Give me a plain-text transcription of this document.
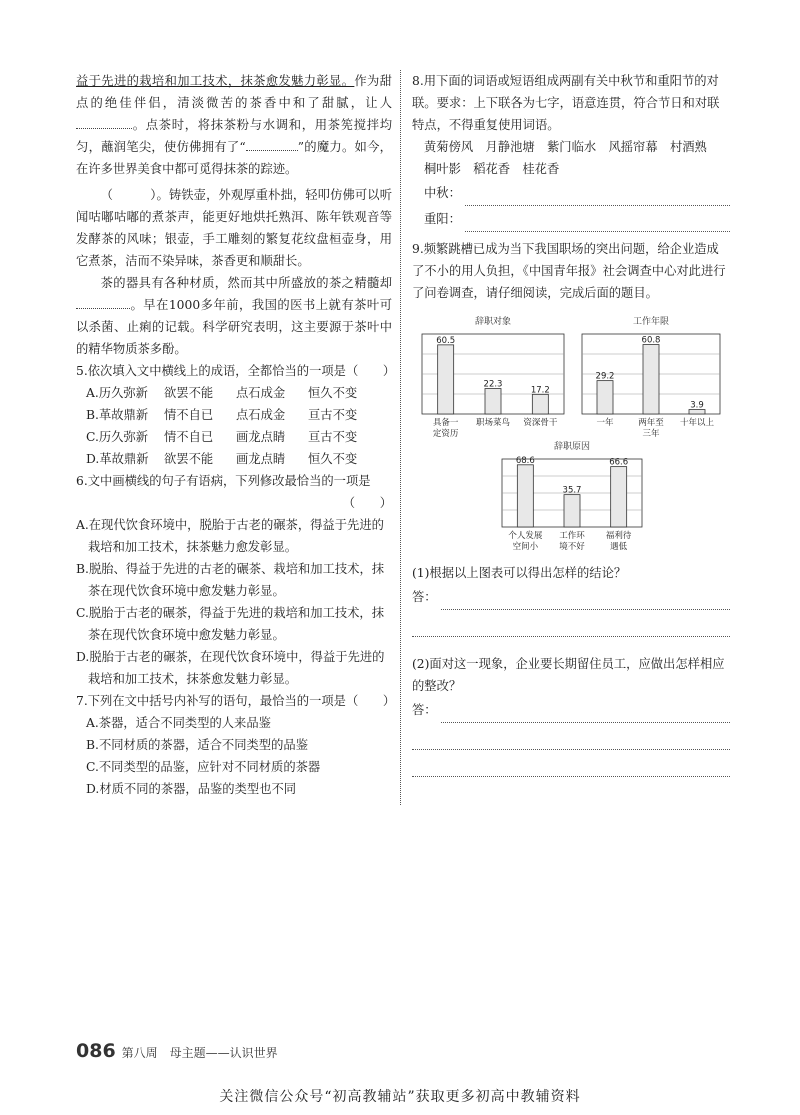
益于先进的栽培和加工技术，抹茶愈发魅力彰显。作为甜点的绝佳伴侣，清淡微苦的茶香中和了甜腻，让人。点茶时，将抹茶粉与水调和，用茶筅搅拌均匀，蘸润笔尖，使仿佛拥有了“	”的魔力。如今，在许多世界美食中都可觅得抹茶的踪迹。

（　　　）。铸铁壶，外观厚重朴拙，轻叩仿佛可以听闻咕嘟咕嘟的煮茶声，能更好地烘托熟洱、陈年铁观音等发酵茶的风味；银壶，手工雕刻的繁复花纹盘桓壶身，用它煮茶，洁而不染异味，茶香更和顺甜长。

茶的器具有各种材质，然而其中所盛放的茶之精髓却。早在1000多年前，我国的医书上就有茶叶可以杀菌、止痢的记载。科学研究表明，这主要源于茶叶中的精华物质茶多酚。

5.依次填入文中横线上的成语，全都恰当的一项是（　　）

A.历久弥新 欲罢不能 点石成金 恒久不变

B.革故鼎新 情不自已 点石成金 亘古不变

C.历久弥新 情不自已 画龙点睛 亘古不变

D.革故鼎新 欲罢不能 画龙点睛 恒久不变

6.文中画横线的句子有语病，下列修改最恰当的一项是

（　　）

A.在现代饮食环境中，脱胎于古老的碾茶，得益于先进的栽培和加工技术，抹茶魅力愈发彰显。

B.脱胎、得益于先进的古老的碾茶、栽培和加工技术，抹茶在现代饮食环境中愈发魅力彰显。

C.脱胎于古老的碾茶，得益于先进的栽培和加工技术，抹茶在现代饮食环境中愈发魅力彰显。

D.脱胎于古老的碾茶，在现代饮食环境中，得益于先进的栽培和加工技术，抹茶愈发魅力彰显。

7.下列在文中括号内补写的语句，最恰当的一项是（　　）

A.茶器，适合不同类型的人来品鉴

B.不同材质的茶器，适合不同类型的品鉴

C.不同类型的品鉴，应针对不同材质的茶器

D.材质不同的茶器，品鉴的类型也不同

8.用下面的词语或短语组成两副有关中秋节和重阳节的对联。要求：上下联各为七字，语意连贯，符合节日和对联特点，不得重复使用词语。

黄菊傍风　月静池塘　紫门临水　风摇帘幕　村酒熟

桐叶影　稻花香　桂花香

中秋：
重阳：

9.频繁跳槽已成为当下我国职场的突出问题，给企业造成了不小的用人负担，《中国青年报》社会调查中心对此进行了问卷调查，请仔细阅读，完成后面的题目。

辞职对象
60.5
具备一
定资历
22.3
职场菜鸟
17.2
资深骨干
工作年限
29.2
一年
60.8
两年至
三年
3.9
十年以上
辞职原因
68.6
个人发展
空间小
35.7
工作环
境不好
66.6
福利待
遇低

(1)根据以上图表可以得出怎样的结论？

答：

(2)面对这一现象，企业要长期留住员工，应做出怎样相应的整改？

答：
086 第八周　母主题——认识世界
关注微信公众号“初高教辅站”获取更多初高中教辅资料
